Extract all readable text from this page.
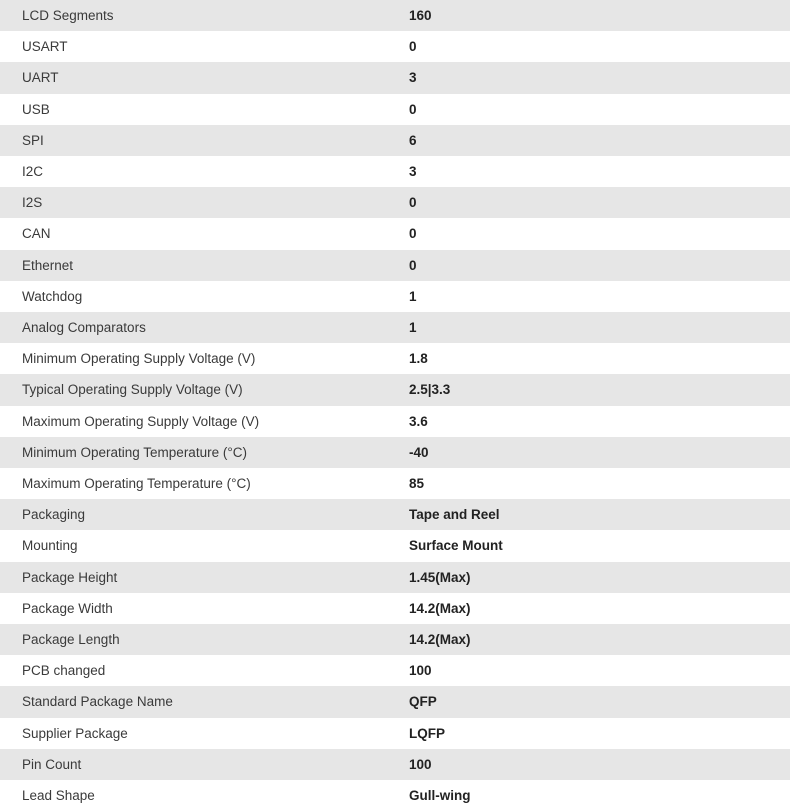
LCD Segments	160
USART	0
UART	3
USB	0
SPI	6
I2C	3
I2S	0
CAN	0
Ethernet	0
Watchdog	1
Analog Comparators	1
Minimum Operating Supply Voltage (V)	1.8
Typical Operating Supply Voltage (V)	2.5|3.3
Maximum Operating Supply Voltage (V)	3.6
Minimum Operating Temperature (°C)	-40
Maximum Operating Temperature (°C)	85
Packaging	Tape and Reel
Mounting	Surface Mount
Package Height	1.45(Max)
Package Width	14.2(Max)
Package Length	14.2(Max)
PCB changed	100
Standard Package Name	QFP
Supplier Package	LQFP
Pin Count	100
Lead Shape	Gull-wing
